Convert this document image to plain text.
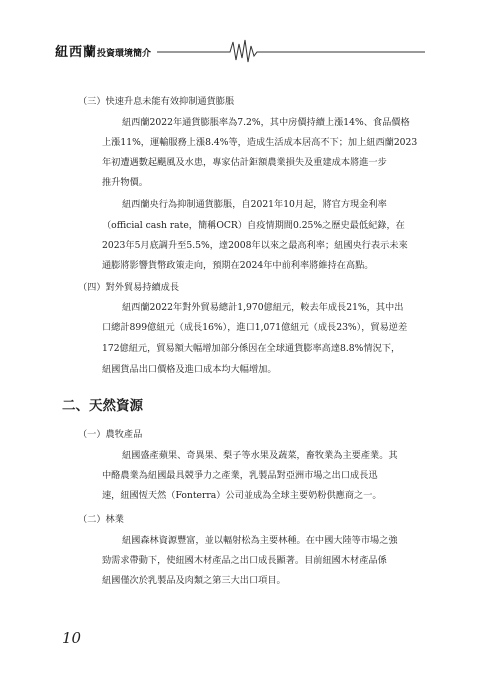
紐西蘭投資環境簡介
（三）快速升息未能有效抑制通貨膨脹
紐西蘭2022年通貨膨脹率為7.2%，其中房價持續上漲14%、食品價格
上漲11%，運輸服務上漲8.4%等，造成生活成本居高不下；加上紐西蘭2023
年初遭遇數起颶風及水患，專家估計鉅額農業損失及重建成本將進一步
推升物價。
紐西蘭央行為抑制通貨膨脹，自2021年10月起，將官方現金利率
（official cash rate，簡稱OCR）自疫情期間0.25%之歷史最低紀錄，在
2023年5月底調升至5.5%，達2008年以來之最高利率；紐國央行表示未來
通膨將影響貨幣政策走向，預期在2024年中前利率將維持在高點。
（四）對外貿易持續成長
紐西蘭2022年對外貿易總計1,970億紐元，較去年成長21%，其中出
口總計899億紐元（成長16%），進口1,071億紐元（成長23%），貿易逆差
172億紐元，貿易額大幅增加部分係因在全球通貨膨率高達8.8%情況下，
紐國貨品出口價格及進口成本均大幅增加。
二、天然資源
（一）農牧產品
紐國盛產蘋果、奇異果、梨子等水果及蔬菜，畜牧業為主要產業。其
中酪農業為紐國最具競爭力之產業，乳製品對亞洲市場之出口成長迅
速，紐國恆天然（Fonterra）公司並成為全球主要奶粉供應商之一。
（二）林業
紐國森林資源豐富，並以輻射松為主要林種。在中國大陸等市場之強
勁需求帶動下，使紐國木材產品之出口成長顯著。目前紐國木材產品係
紐國僅次於乳製品及肉類之第三大出口項目。
10
